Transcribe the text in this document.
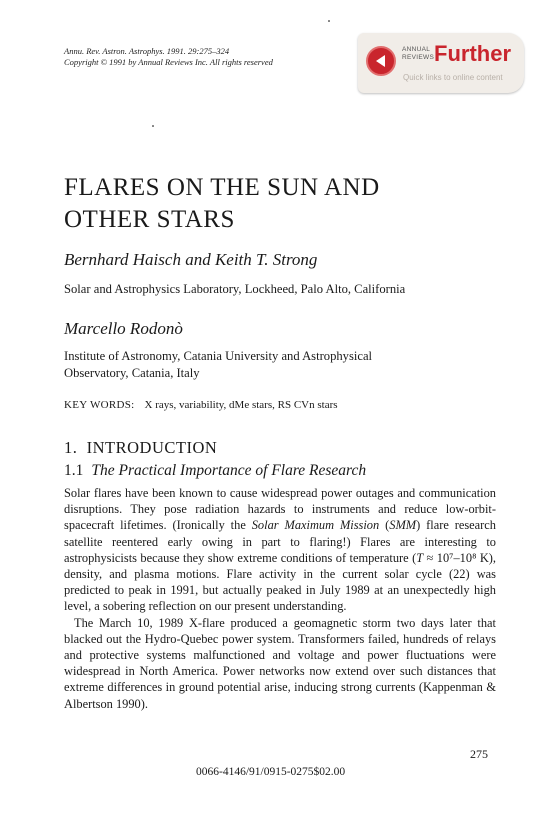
Annu. Rev. Astron. Astrophys. 1991. 29:275–324
Copyright © 1991 by Annual Reviews Inc. All rights reserved
ANNUAL
REVIEWS Further
Quick links to online content
FLARES ON THE SUN AND
OTHER STARS
Bernhard Haisch and Keith T. Strong
Solar and Astrophysics Laboratory, Lockheed, Palo Alto, California
Marcello Rodonò
Institute of Astronomy, Catania University and Astrophysical
Observatory, Catania, Italy
KEY WORDS: X rays, variability, dMe stars, RS CVn stars
1. INTRODUCTION
1.1 The Practical Importance of Flare Research

Solar flares have been known to cause widespread power outages and communication disruptions. They pose radiation hazards to instruments and reduce low-orbit-spacecraft lifetimes. (Ironically the Solar Maximum Mission (SMM) flare research satellite reentered early owing in part to flaring!) Flares are interesting to astrophysicists because they show extreme conditions of temperature (T ≈ 10⁷–10⁸ K), density, and plasma motions. Flare activity in the current solar cycle (22) was predicted to peak in 1991, but actually peaked in July 1989 at an unexpectedly high level, a sobering reflection on our present understanding.

The March 10, 1989 X-flare produced a geomagnetic storm two days later that blacked out the Hydro-Quebec power system. Transformers failed, hundreds of relays and protective systems malfunctioned and voltage and power fluctuations were widespread in North America. Power networks now extend over such distances that extreme differences in ground potential arise, inducing strong currents (Kappenman & Albertson 1990).

275
0066-4146/91/0915-0275$02.00
